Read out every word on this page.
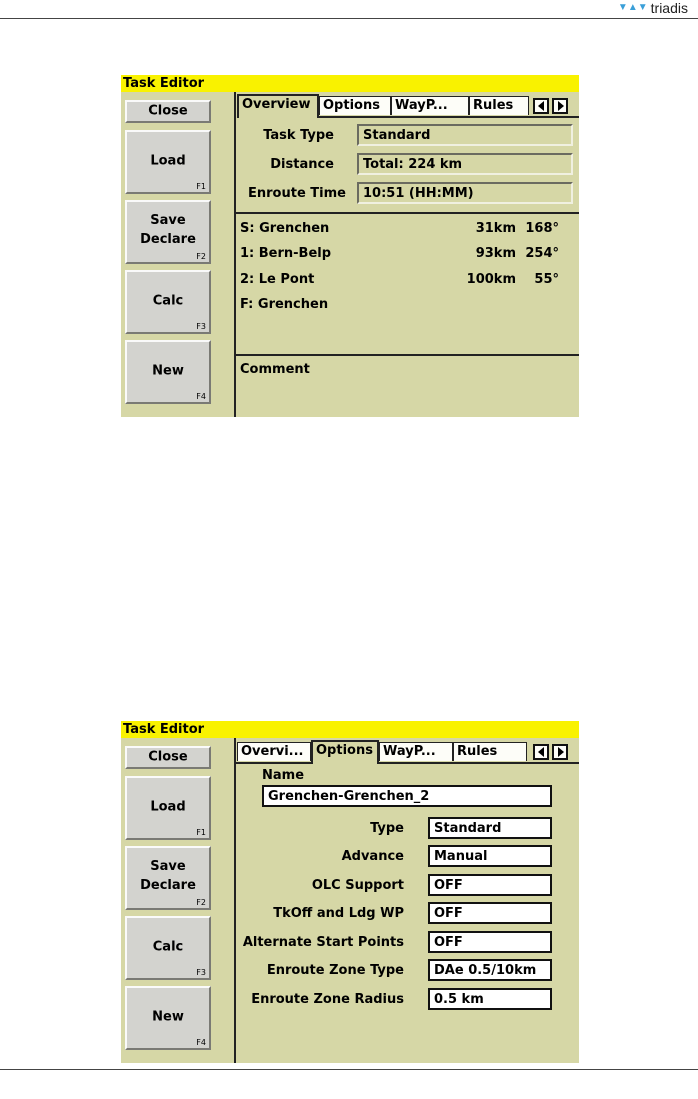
▼▲▼ triadis
Task Editor
Close
Load
F1
Save
Declare
F2
Calc
F3
New
F4
Overview Options	WayP...	Rules
Task Type	Standard
Distance	Total: 224 km
Enroute Time	10:51 (HH:MM)
S: Grenchen	31km 168°
1: Bern-Belp	93km 254°
2: Le Pont	100km	55°
F: Grenchen
Comment
Task Editor
Close
Load
F1
Save
Declare
F2
Calc
F3
New
F4
Overvi... Options WayP...	Rules
Name
Grenchen-Grenchen_2
Type	Standard
Advance	Manual
OLC Support	OFF
TkOff and Ldg WP	OFF
Alternate Start Points	OFF
Enroute Zone Type	DAe 0.5/10km
Enroute Zone Radius	0.5 km
